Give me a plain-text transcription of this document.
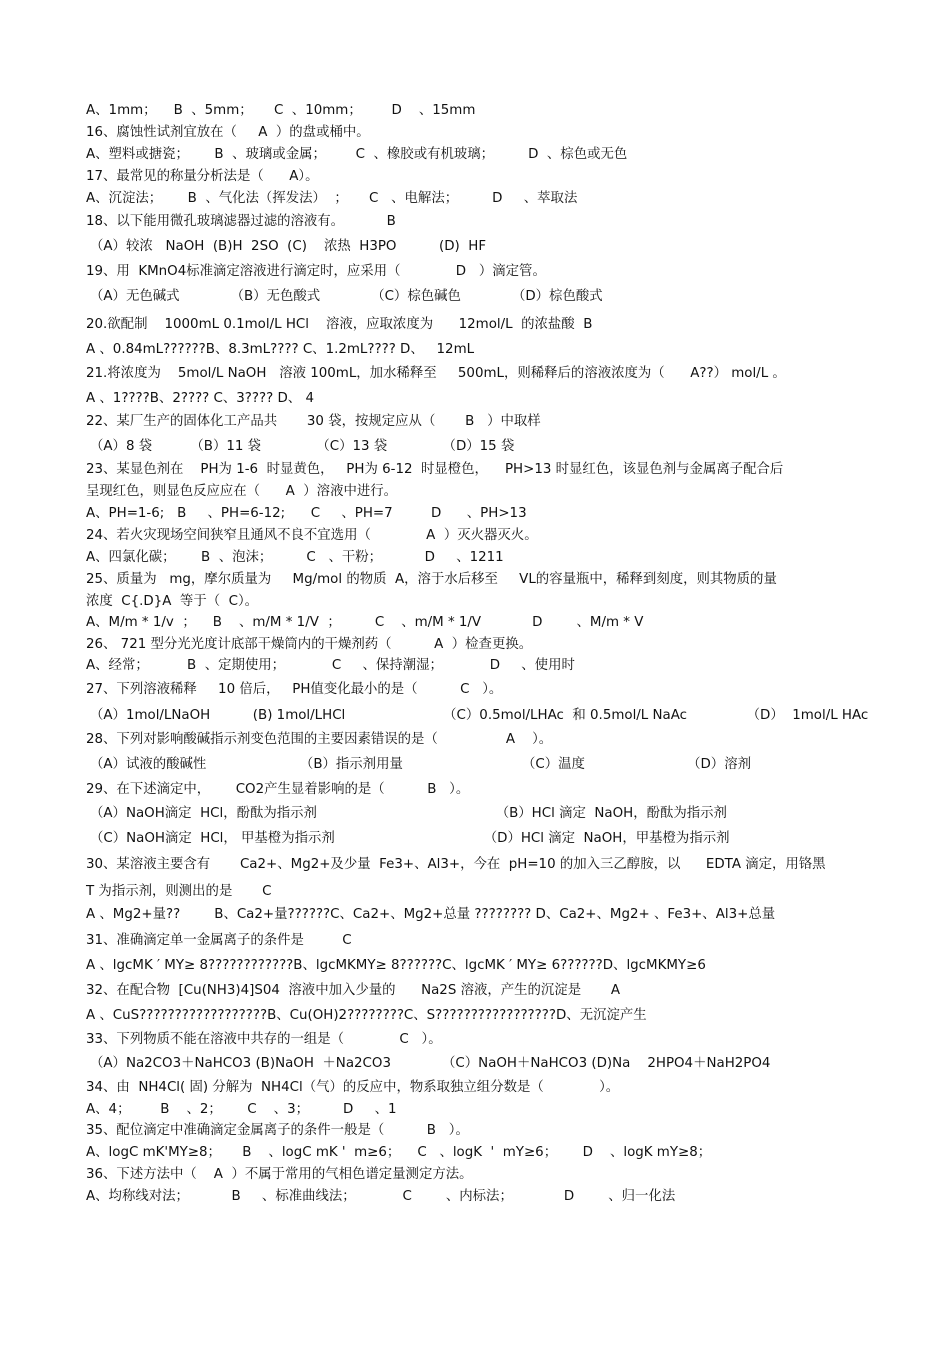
A、1mm；    B  、5mm；     C  、10mm；       D    、15mm
16、腐蚀性试剂宜放在（     A  ）的盘或桶中。
A、塑料或搪瓷；      B  、玻璃或金属；       C  、橡胶或有机玻璃；        D  、棕色或无色
17、最常见的称量分析法是（      A）。
A、沉淀法；      B  、气化法（挥发法）  ；     C   、电解法；        D     、萃取法
18、以下能用微孔玻璃滤器过滤的溶液有。          B
（A）较浓   NaOH  (B)H  2SO  (C)    浓热  H3PO          (D)  HF
19、用  KMnO4标准滴定溶液进行滴定时，应采用（             D   ）滴定管。
（A）无色碱式            （B）无色酸式            （C）棕色碱色            （D）棕色酸式
20.欲配制    1000mL 0.1mol/L HCl    溶液，应取浓度为      12mol/L  的浓盐酸  B
A 、0.84mL??????B、8.3mL???? C、1.2mL???? D、   12mL
21.将浓度为    5mol/L NaOH   溶液 100mL，加水稀释至     500mL，则稀释后的溶液浓度为（      A??） mol/L 。
A 、1????B、2???? C、3???? D、 4
22、某厂生产的固体化工产品共       30 袋，按规定应从（       B   ）中取样
（A）8 袋         （B）11 袋             （C）13 袋             （D）15 袋
23、某显色剂在    PH为 1-6  时显黄色，   PH为 6-12  时显橙色，    PH>13 时显红色，该显色剂与金属离子配合后
呈现红色，则显色反应应在（      A  ）溶液中进行。
A、PH=1-6;   B     、PH=6-12;      C     、PH=7         D      、PH>13
24、若火灾现场空间狭窄且通风不良不宜选用（             A  ）灭火器灭火。
A、四氯化碳；      B  、泡沫；        C   、干粉；          D     、1211
25、质量为   mg，摩尔质量为     Mg/mol 的物质  A，溶于水后移至     VL的容量瓶中，稀释到刻度，则其物质的量
浓度  C{.D}A  等于（  C）。
A、M/m * 1/v  ；    B    、m/M * 1/V  ；        C    、m/M * 1/V            D        、M/m * V
26、 721 型分光光度计底部干燥筒内的干燥剂药（          A  ）检查更换。
A、经常；         B  、定期使用；           C     、保持潮湿；           D     、使用时
27、下列溶液稀释     10 倍后，   PH值变化最小的是（          C   ）。
（A）1mol/LNaOH          (B) 1mol/LHCl                       （C）0.5mol/LHAc  和 0.5mol/L NaAc              （D）  1mol/L HAc
28、下列对影响酸碱指示剂变色范围的主要因素错误的是（                A    ）。
（A）试液的酸碱性                      （B）指示剂用量                            （C）温度                        （D）溶剂
29、在下述滴定中，      CO2产生显着影响的是（          B   ）。
（A）NaOH滴定  HCl，酚酞为指示剂                                          （B）HCl 滴定  NaOH，酚酞为指示剂
（C）NaOH滴定  HCl， 甲基橙为指示剂                                   （D）HCl 滴定  NaOH，甲基橙为指示剂
30、某溶液主要含有       Ca2+、Mg2+及少量  Fe3+、Al3+，今在  pH=10 的加入三乙醇胺，以      EDTA 滴定，用铬黑
T 为指示剂，则测出的是       C
A 、Mg2+量??        B、Ca2+量??????C、Ca2+、Mg2+总量 ???????? D、Ca2+、Mg2+ 、Fe3+、Al3+总量
31、准确滴定单一金属离子的条件是         C
A 、lgcMK ′ MY≥ 8????????????B、lgcMKMY≥ 8??????C、lgcMK ′ MY≥ 6??????D、lgcMKMY≥6
32、在配合物  [Cu(NH3)4]S04  溶液中加入少量的      Na2S 溶液，产生的沉淀是       A
A 、CuS??????????????????B、Cu(OH)2????????C、S?????????????????D、无沉淀产生
33、下列物质不能在溶液中共存的一组是（             C   ）。
（A）Na2CO3＋NaHCO3 (B)NaOH  ＋Na2CO3            （C）NaOH＋NaHCO3 (D)Na    2HPO4＋NaH2PO4
34、由  NH4Cl( 固) 分解为  NH4Cl（气）的反应中，物系取独立组分数是（             ）。
A、4；       B    、2；      C    、3；        D     、1
35、配位滴定中准确滴定金属离子的条件一般是（          B   ）。
A、logC mK'MY≥8；     B    、logC mK '  m≥6；    C   、logK  '  mY≥6；      D    、logK mY≥8；
36、下述方法中（    A  ）不属于常用的气相色谱定量测定方法。
A、均称线对法；          B     、标准曲线法；           C        、内标法；            D        、归一化法
